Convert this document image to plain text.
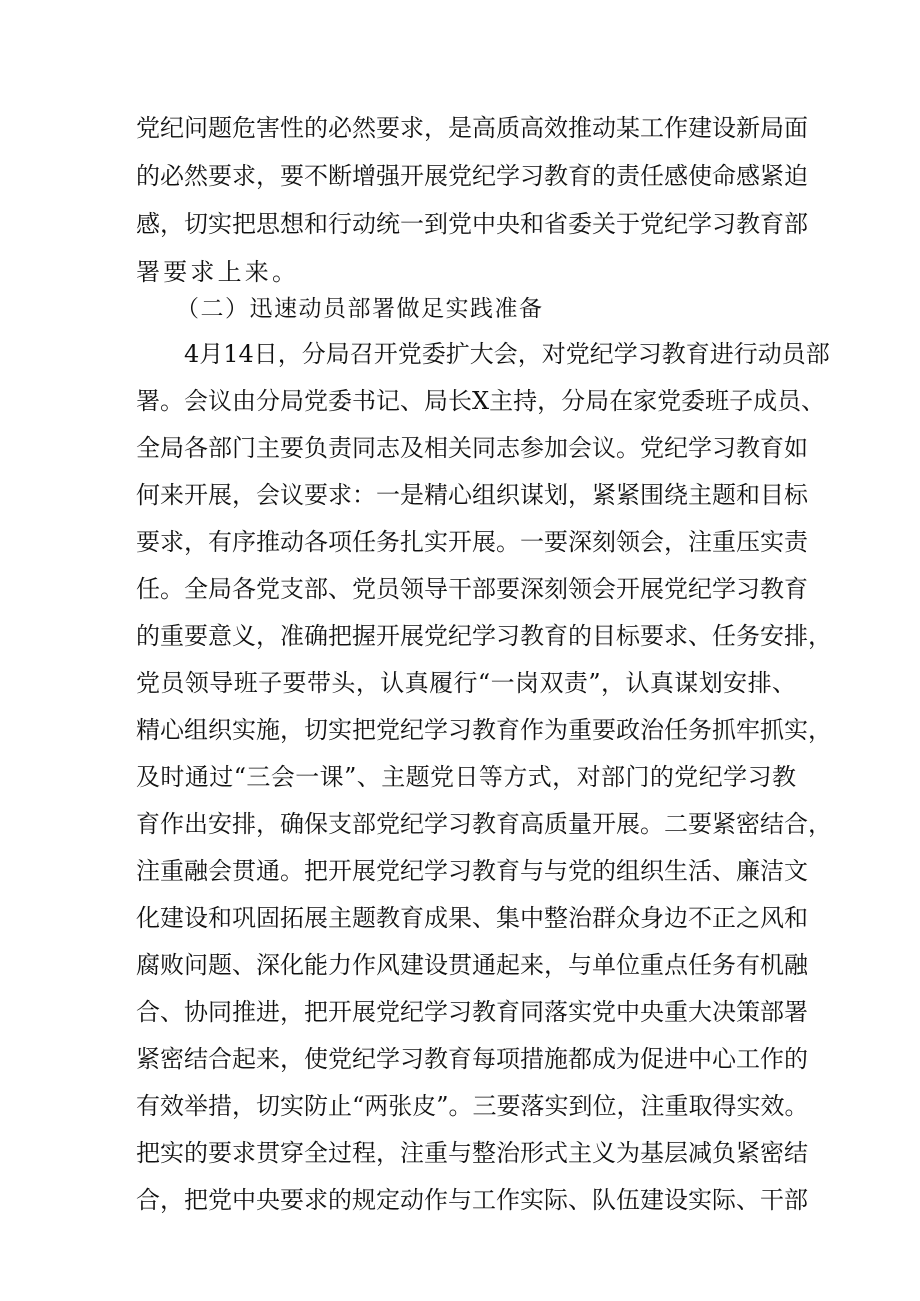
党纪问题危害性的必然要求，是高质高效推动某工作建设新局面
的必然要求，要不断增强开展党纪学习教育的责任感使命感紧迫
感，切实把思想和行动统一到党中央和省委关于党纪学习教育部
署要求上来。
（二）迅速动员部署做足实践准备
4月14日，分局召开党委扩大会，对党纪学习教育进行动员部
署。会议由分局党委书记、局长X主持，分局在家党委班子成员、
全局各部门主要负责同志及相关同志参加会议。党纪学习教育如
何来开展，会议要求：一是精心组织谋划，紧紧围绕主题和目标
要求，有序推动各项任务扎实开展。一要深刻领会，注重压实责
任。全局各党支部、党员领导干部要深刻领会开展党纪学习教育
的重要意义，准确把握开展党纪学习教育的目标要求、任务安排，
党员领导班子要带头，认真履行“一岗双责”，认真谋划安排、
精心组织实施，切实把党纪学习教育作为重要政治任务抓牢抓实，
及时通过“三会一课”、主题党日等方式，对部门的党纪学习教
育作出安排，确保支部党纪学习教育高质量开展。二要紧密结合，
注重融会贯通。把开展党纪学习教育与与党的组织生活、廉洁文
化建设和巩固拓展主题教育成果、集中整治群众身边不正之风和
腐败问题、深化能力作风建设贯通起来，与单位重点任务有机融
合、协同推进，把开展党纪学习教育同落实党中央重大决策部署
紧密结合起来，使党纪学习教育每项措施都成为促进中心工作的
有效举措，切实防止“两张皮”。三要落实到位，注重取得实效。
把实的要求贯穿全过程，注重与整治形式主义为基层减负紧密结
合，把党中央要求的规定动作与工作实际、队伍建设实际、干部
